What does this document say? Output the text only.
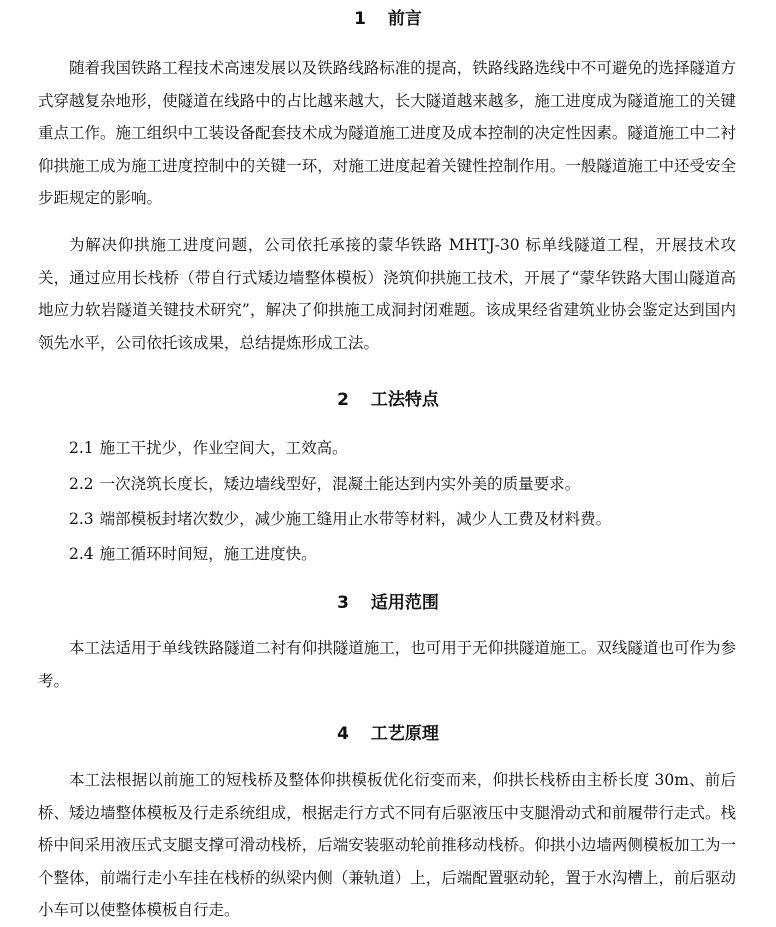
1 前言

随着我国铁路工程技术高速发展以及铁路线路标准的提高，铁路线路选线中不可避免的选择隧道方式穿越复杂地形，使隧道在线路中的占比越来越大，长大隧道越来越多，施工进度成为隧道施工的关键重点工作。施工组织中工装设备配套技术成为隧道施工进度及成本控制的决定性因素。隧道施工中二衬仰拱施工成为施工进度控制中的关键一环，对施工进度起着关键性控制作用。一般隧道施工中还受安全步距规定的影响。

为解决仰拱施工进度问题，公司依托承接的蒙华铁路 MHTJ-30 标单线隧道工程，开展技术攻关，通过应用长栈桥（带自行式矮边墙整体模板）浇筑仰拱施工技术，开展了“蒙华铁路大围山隧道高地应力软岩隧道关键技术研究”，解决了仰拱施工成洞封闭难题。该成果经省建筑业协会鉴定达到国内领先水平，公司依托该成果，总结提炼形成工法。

2 工法特点
2.1 施工干扰少，作业空间大，工效高。
2.2 一次浇筑长度长，矮边墙线型好，混凝土能达到内实外美的质量要求。
2.3 端部模板封堵次数少，减少施工缝用止水带等材料，减少人工费及材料费。
2.4 施工循环时间短，施工进度快。
3 适用范围

本工法适用于单线铁路隧道二衬有仰拱隧道施工，也可用于无仰拱隧道施工。双线隧道也可作为参考。

4 工艺原理

本工法根据以前施工的短栈桥及整体仰拱模板优化衍变而来，仰拱长栈桥由主桥长度 30m、前后桥、矮边墙整体模板及行走系统组成，根据走行方式不同有后驱液压中支腿滑动式和前履带行走式。栈桥中间采用液压式支腿支撑可滑动栈桥，后端安装驱动轮前推移动栈桥。仰拱小边墙两侧模板加工为一个整体，前端行走小车挂在栈桥的纵梁内侧（兼轨道）上，后端配置驱动轮，置于水沟槽上，前后驱动小车可以使整体模板自行走。
